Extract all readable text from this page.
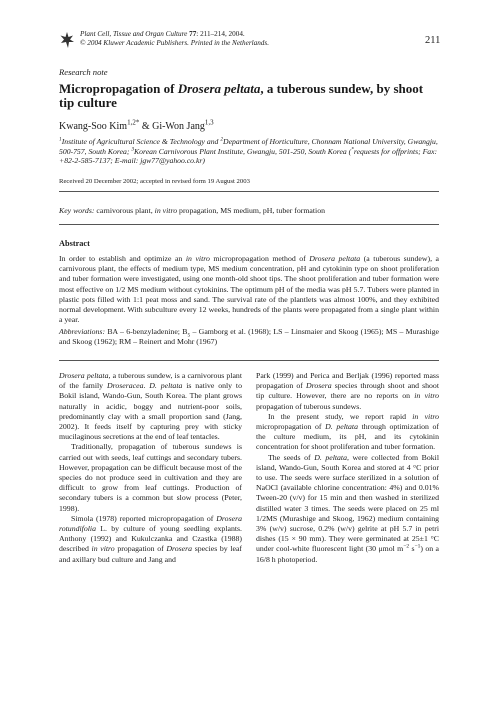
Plant Cell, Tissue and Organ Culture 77: 211–214, 2004.
© 2004 Kluwer Academic Publishers. Printed in the Netherlands.	211
Research note
Micropropagation of Drosera peltata, a tuberous sundew, by shoot tip culture
Kwang-Soo Kim$^{1,2*}$ & Gi-Won Jang$^{1,3}$
$^1$Institute of Agricultural Science & Technology and $^2$Department of Horticulture, Chonnam National University, Gwangju, 500-757, South Korea; $^3$Korean Carnivorous Plant Institute, Gwangju, 501-250, South Korea (*requests for offprints; Fax: +82-2-585-7137; E-mail: jgw77@yahoo.co.kr)
Received 20 December 2002; accepted in revised form 19 August 2003
Key words: carnivorous plant, in vitro propagation, MS medium, pH, tuber formation
Abstract
In order to establish and optimize an in vitro micropropagation method of Drosera peltata (a tuberous sundew), a carnivorous plant, the effects of medium type, MS medium concentration, pH and cytokinin type on shoot proliferation and tuber formation were investigated, using one month-old shoot tips. The shoot proliferation and tuber formation were most effective on 1/2 MS medium without cytokinins. The optimum pH of the media was pH 5.7. Tubers were planted in plastic pots filled with 1:1 peat moss and sand. The survival rate of the plantlets was almost 100%, and they exhibited normal development. With subculture every 12 weeks, hundreds of the plants were propagated from a single plant within a year.
Abbreviations: BA – 6-benzyladenine; $B_5$ – Gamborg et al. (1968); LS – Linsmaier and Skoog (1965); MS – Murashige and Skoog (1962); RM – Reinert and Mohr (1967)

Drosera peltata, a tuberous sundew, is a carnivorous plant of the family Droseracea. D. peltata is native only to Bokil island, Wando-Gun, South Korea. The plant grows naturally in acidic, boggy and nutrient-poor soils, predominantly clay with a small proportion sand (Jang, 2002). It feeds itself by capturing prey with sticky mucilaginous secretions at the end of leaf tentacles.

Traditionally, propagation of tuberous sundews is carried out with seeds, leaf cuttings and secondary tubers. However, propagation can be difficult because most of the species do not produce seed in cultivation and they are difficult to grow from leaf cuttings. Production of secondary tubers is a common but slow process (Peter, 1998).

Simola (1978) reported micropropagation of Drosera rotundifolia L. by culture of young seedling explants. Anthony (1992) and Kukulczanka and Czastka (1988) described in vitro propagation of Drosera species by leaf and axillary bud culture and Jang and

Park (1999) and Perica and Berljak (1996) reported mass propagation of Drosera species through shoot and shoot tip culture. However, there are no reports on in vitro propagation of tuberous sundews.

In the present study, we report rapid in vitro micropropagation of D. peltata through optimization of the culture medium, its pH, and its cytokinin concentration for shoot proliferation and tuber formation.

The seeds of D. peltata, were collected from Bokil island, Wando-Gun, South Korea and stored at 4 °C prior to use. The seeds were surface sterilized in a solution of NaOCl (available chlorine concentration: 4%) and 0.01% Tween-20 (v/v) for 15 min and then washed in sterilized distilled water 3 times. The seeds were placed on 25 ml 1/2MS (Murashige and Skoog, 1962) medium containing 3% (w/v) sucrose, 0.2% (w/v) gelrite at pH 5.7 in petri dishes (15 × 90 mm). They were germinated at 25±1 °C under cool-white fluorescent light (30 μmol $m^{-2}$ $s^{-1}$) on a 16/8 h photoperiod.
